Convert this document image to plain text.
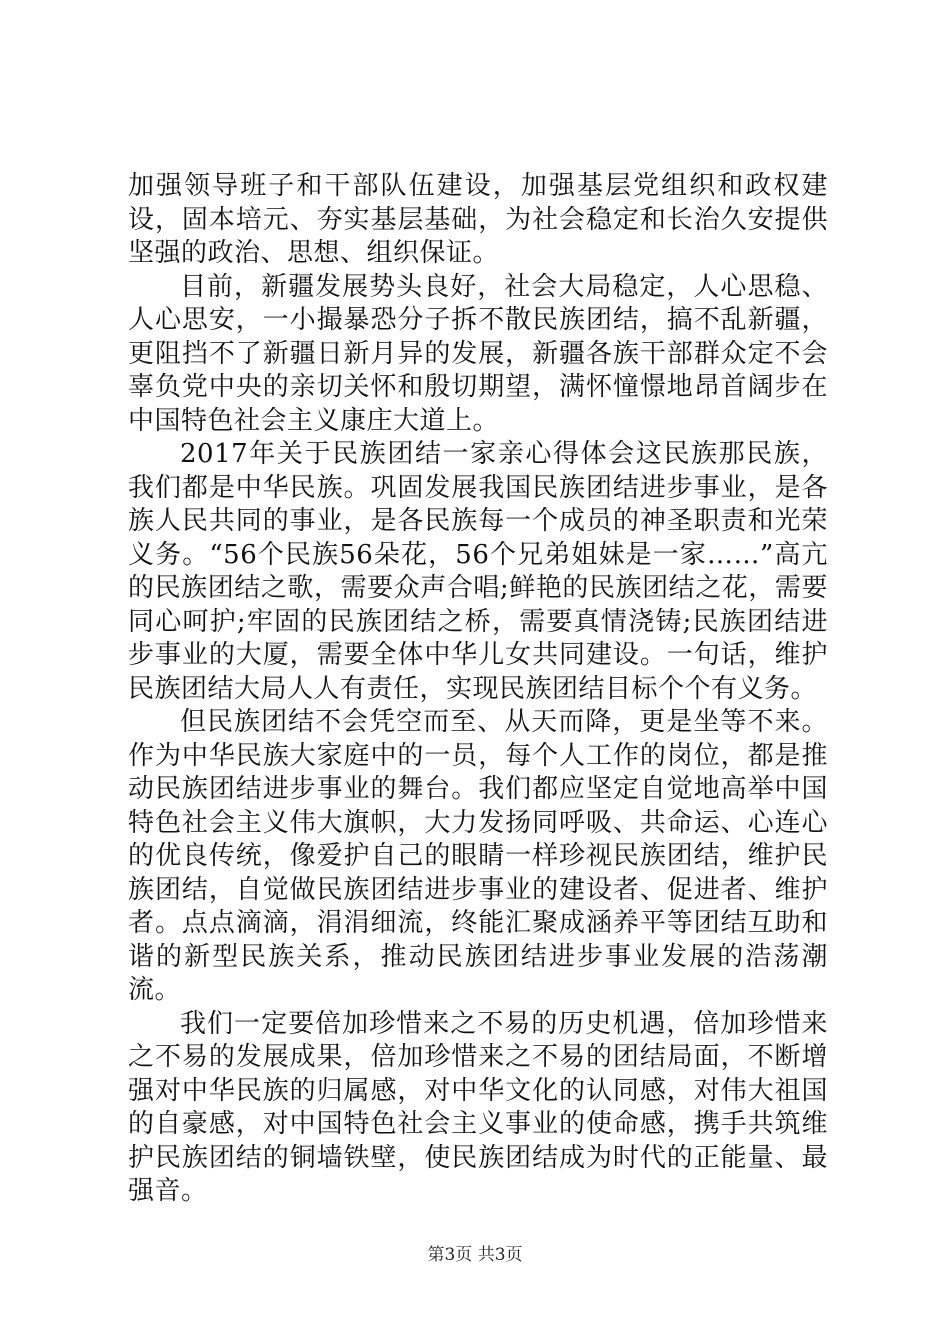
加强领导班子和干部队伍建设，加强基层党组织和政权建设，固本培元、夯实基层基础，为社会稳定和长治久安提供坚强的政治、思想、组织保证。

目前，新疆发展势头良好，社会大局稳定，人心思稳、人心思安，一小撮暴恐分子拆不散民族团结，搞不乱新疆，更阻挡不了新疆日新月异的发展，新疆各族干部群众定不会辜负党中央的亲切关怀和殷切期望，满怀憧憬地昂首阔步在中国特色社会主义康庄大道上。

2017年关于民族团结一家亲心得体会这民族那民族，我们都是中华民族。巩固发展我国民族团结进步事业，是各族人民共同的事业，是各民族每一个成员的神圣职责和光荣义务。“56个民族56朵花，56个兄弟姐妹是一家……”高亢的民族团结之歌，需要众声合唱;鲜艳的民族团结之花，需要同心呵护;牢固的民族团结之桥，需要真情浇铸;民族团结进步事业的大厦，需要全体中华儿女共同建设。一句话，维护民族团结大局人人有责任，实现民族团结目标个个有义务。

但民族团结不会凭空而至、从天而降，更是坐等不来。作为中华民族大家庭中的一员，每个人工作的岗位，都是推动民族团结进步事业的舞台。我们都应坚定自觉地高举中国特色社会主义伟大旗帜，大力发扬同呼吸、共命运、心连心的优良传统，像爱护自己的眼睛一样珍视民族团结，维护民族团结，自觉做民族团结进步事业的建设者、促进者、维护者。点点滴滴，涓涓细流，终能汇聚成涵养平等团结互助和谐的新型民族关系，推动民族团结进步事业发展的浩荡潮流。

我们一定要倍加珍惜来之不易的历史机遇，倍加珍惜来之不易的发展成果，倍加珍惜来之不易的团结局面，不断增强对中华民族的归属感，对中华文化的认同感，对伟大祖国的自豪感，对中国特色社会主义事业的使命感，携手共筑维护民族团结的铜墙铁壁，使民族团结成为时代的正能量、最强音。

第3页 共3页
